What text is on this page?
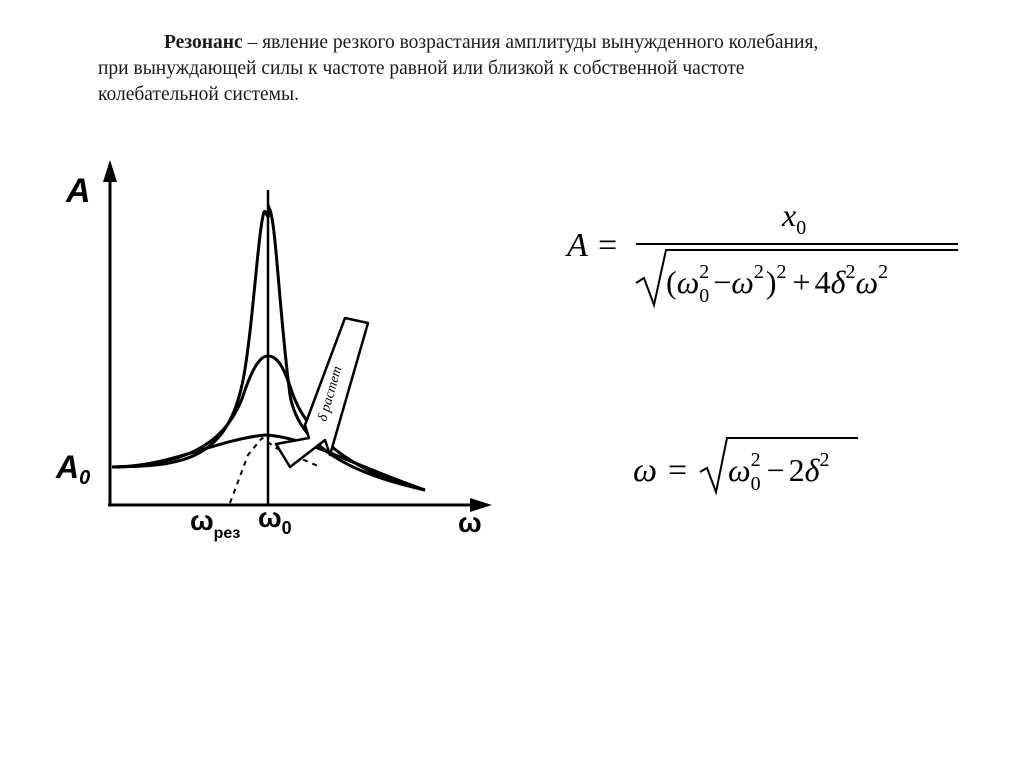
Резонанс – явление резкого возрастания амплитуды вынужденного колебания,
при вынуждающей силы к частоте равной или близкой к собственной частоте
колебательной системы.
δ растет
A
A0
$\omega_{рез}$
$\omega_0$	ω
A =
$x_0$
$(\omega_02 -\omega^2)^2 + 4\delta^2\omega^2$
$\omega = \omega_02 - 2\delta^2$
